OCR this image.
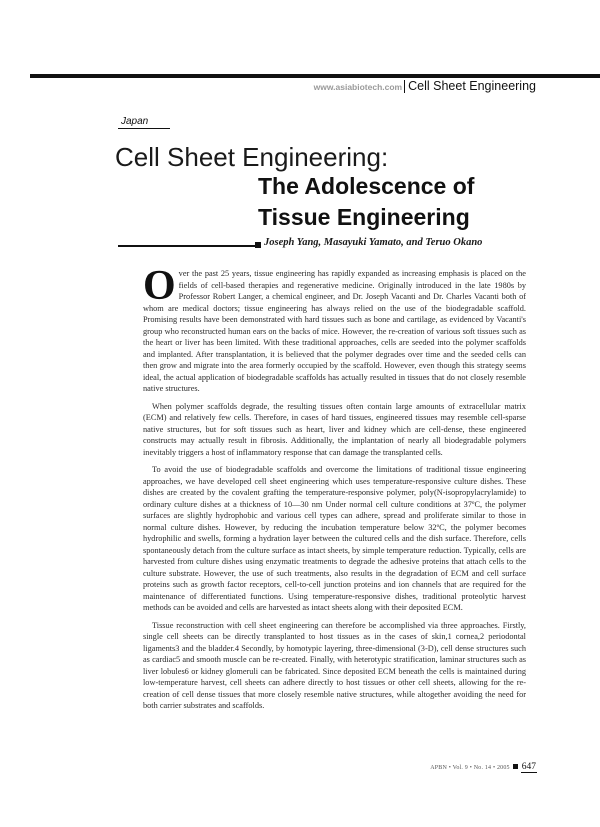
www.asiabiotech.com Cell Sheet Engineering
Japan
Cell Sheet Engineering:
The Adolescence of
Tissue Engineering
Joseph Yang, Masayuki Yamato, and Teruo Okano

Over the past 25 years, tissue engineering has rapidly expanded as increasing emphasis is placed on the fields of cell-based therapies and regenerative medicine. Originally introduced in the late 1980s by Professor Robert Langer, a chemical engineer, and Dr. Joseph Vacanti and Dr. Charles Vacanti both of whom are medical doctors; tissue engineering has always relied on the use of the biodegradable scaffold. Promising results have been demonstrated with hard tissues such as bone and cartilage, as evidenced by Vacanti's group who reconstructed human ears on the backs of mice. However, the re-creation of various soft tissues such as the heart or liver has been limited. With these traditional approaches, cells are seeded into the polymer scaffolds and implanted. After transplantation, it is believed that the polymer degrades over time and the seeded cells can then grow and migrate into the area formerly occupied by the scaffold. However, even though this strategy seems ideal, the actual application of biodegradable scaffolds has actually resulted in tissues that do not closely resemble native structures.

When polymer scaffolds degrade, the resulting tissues often contain large amounts of extracellular matrix (ECM) and relatively few cells. Therefore, in cases of hard tissues, engineered tissues may resemble cell-sparse native structures, but for soft tissues such as heart, liver and kidney which are cell-dense, these engineered constructs may actually result in fibrosis. Additionally, the implantation of nearly all biodegradable polymers inevitably triggers a host of inflammatory response that can damage the transplanted cells.

To avoid the use of biodegradable scaffolds and overcome the limitations of traditional tissue engineering approaches, we have developed cell sheet engineering which uses temperature-responsive culture dishes. These dishes are created by the covalent grafting the temperature-responsive polymer, poly(N-isopropylacrylamide) to ordinary culture dishes at a thickness of 10—30 nm Under normal cell culture conditions at 37ºC, the polymer surfaces are slightly hydrophobic and various cell types can adhere, spread and proliferate similar to those in normal culture dishes. However, by reducing the incubation temperature below 32ºC, the polymer becomes hydrophilic and swells, forming a hydration layer between the cultured cells and the dish surface. Therefore, cells spontaneously detach from the culture surface as intact sheets, by simple temperature reduction. Typically, cells are harvested from culture dishes using enzymatic treatments to degrade the adhesive proteins that attach cells to the culture substrate. However, the use of such treatments, also results in the degradation of ECM and cell surface proteins such as growth factor receptors, cell-to-cell junction proteins and ion channels that are required for the maintenance of differentiated functions. Using temperature-responsive dishes, traditional proteolytic harvest methods can be avoided and cells are harvested as intact sheets along with their deposited ECM.

Tissue reconstruction with cell sheet engineering can therefore be accomplished via three approaches. Firstly, single cell sheets can be directly transplanted to host tissues as in the cases of skin,1 cornea,2 periodontal ligaments3 and the bladder.4 Secondly, by homotypic layering, three-dimensional (3-D), cell dense structures such as cardiac5 and smooth muscle can be re-created. Finally, with heterotypic stratification, laminar structures such as liver lobules6 or kidney glomeruli can be fabricated. Since deposited ECM beneath the cells is maintained during low-temperature harvest, cell sheets can adhere directly to host tissues or other cell sheets, allowing for the re-creation of cell dense tissues that more closely resemble native structures, while altogether avoiding the need for both carrier substrates and scaffolds.

APBN • Vol. 9 • No. 14 • 2005 647
